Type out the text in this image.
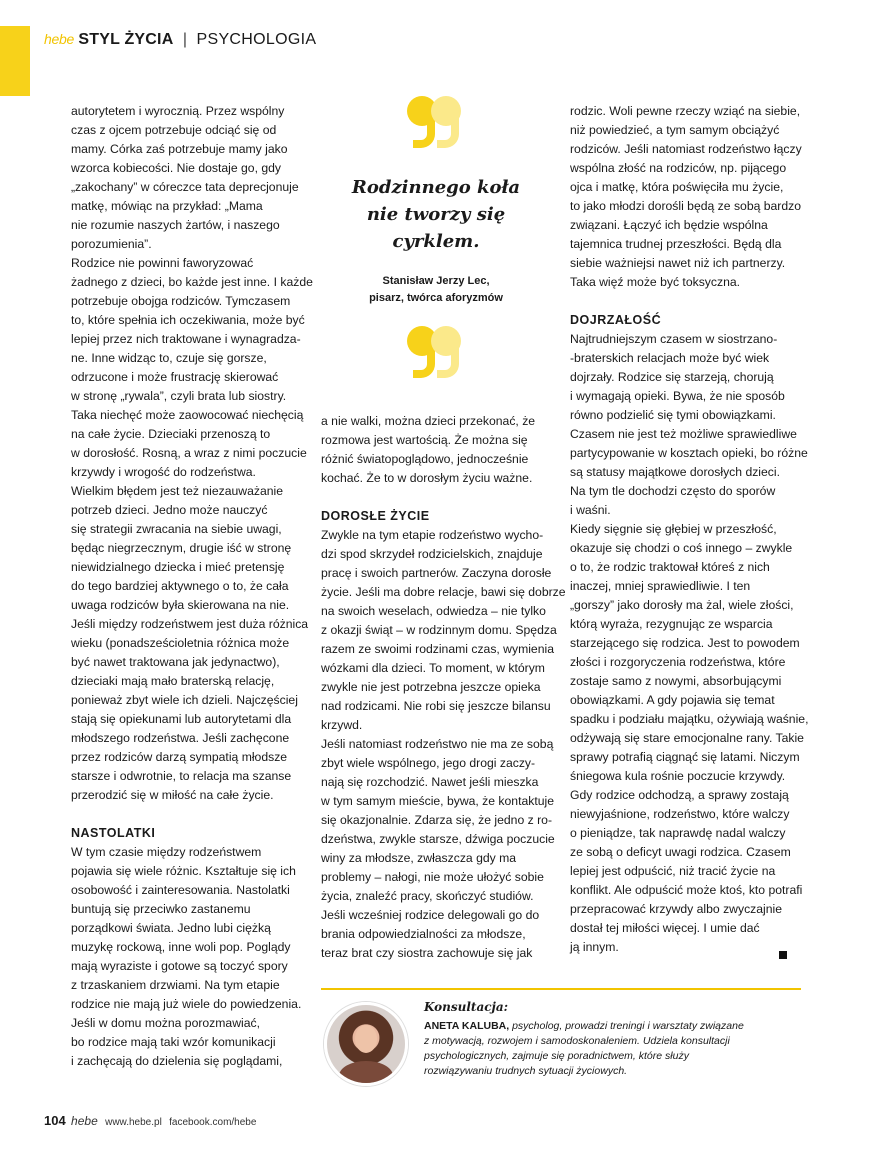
hebe STYL ŻYCIA | PSYCHOLOGIA
autorytetem i wyrocznią. Przez wspólny
czas z ojcem potrzebuje odciąć się od
mamy. Córka zaś potrzebuje mamy jako
wzorca kobiecości. Nie dostaje go, gdy
„zakochany” w córeczce tata deprecjonuje
matkę, mówiąc na przykład: „Mama
nie rozumie naszych żartów, i naszego
porozumienia”.
Rodzice nie powinni faworyzować
żadnego z dzieci, bo każde jest inne. I każde
potrzebuje obojga rodziców. Tymczasem
to, które spełnia ich oczekiwania, może być
lepiej przez nich traktowane i wynagradza-
ne. Inne widząc to, czuje się gorsze,
odrzucone i może frustrację skierować
w stronę „rywala”, czyli brata lub siostry.
Taka niechęć może zaowocować niechęcią
na całe życie. Dzieciaki przenoszą to
w dorosłość. Rosną, a wraz z nimi poczucie
krzywdy i wrogość do rodzeństwa.
Wielkim błędem jest też niezauważanie
potrzeb dzieci. Jedno może nauczyć
się strategii zwracania na siebie uwagi,
będąc niegrzecznym, drugie iść w stronę
niewidzialnego dziecka i mieć pretensję
do tego bardziej aktywnego o to, że cała
uwaga rodziców była skierowana na nie.
Jeśli między rodzeństwem jest duża różnica
wieku (ponadsześcioletnia różnica może
być nawet traktowana jak jedynactwo),
dzieciaki mają mało braterską relację,
ponieważ zbyt wiele ich dzieli. Najczęściej
stają się opiekunami lub autorytetami dla
młodszego rodzeństwa. Jeśli zachęcone
przez rodziców darzą sympatią młodsze
starsze i odwrotnie, to relacja ma szanse
przerodzić się w miłość na całe życie.
NASTOLATKI
W tym czasie między rodzeństwem
pojawia się wiele różnic. Kształtuje się ich
osobowość i zainteresowania. Nastolatki
buntują się przeciwko zastanemu
porządkowi świata. Jedno lubi ciężką
muzykę rockową, inne woli pop. Poglądy
mają wyraziste i gotowe są toczyć spory
z trzaskaniem drzwiami. Na tym etapie
rodzice nie mają już wiele do powiedzenia.
Jeśli w domu można porozmawiać,
bo rodzice mają taki wzór komunikacji
i zachęcają do dzielenia się poglądami,
Rodzinnego koła
nie tworzy się cyrklem.
Stanisław Jerzy Lec,
pisarz, twórca aforyzmów
a nie walki, można dzieci przekonać, że
rozmowa jest wartością. Że można się
różnić światopoglądowo, jednocześnie
kochać. Że to w dorosłym życiu ważne.
DOROSŁE ŻYCIE
Zwykle na tym etapie rodzeństwo wycho-
dzi spod skrzydeł rodzicielskich, znajduje
pracę i swoich partnerów. Zaczyna dorosłe
życie. Jeśli ma dobre relacje, bawi się dobrze
na swoich weselach, odwiedza – nie tylko
z okazji świąt – w rodzinnym domu. Spędza
razem ze swoimi rodzinami czas, wymienia
wózkami dla dzieci. To moment, w którym
zwykle nie jest potrzebna jeszcze opieka
nad rodzicami. Nie robi się jeszcze bilansu
krzywd.
Jeśli natomiast rodzeństwo nie ma ze sobą
zbyt wiele wspólnego, jego drogi zaczy-
nają się rozchodzić. Nawet jeśli mieszka
w tym samym mieście, bywa, że kontaktuje
się okazjonalnie. Zdarza się, że jedno z ro-
dzeństwa, zwykle starsze, dźwiga poczucie
winy za młodsze, zwłaszcza gdy ma
problemy – nałogi, nie może ułożyć sobie
życia, znaleźć pracy, skończyć studiów.
Jeśli wcześniej rodzice delegowali go do
brania odpowiedzialności za młodsze,
teraz brat czy siostra zachowuje się jak
rodzic. Woli pewne rzeczy wziąć na siebie,
niż powiedzieć, a tym samym obciążyć
rodziców. Jeśli natomiast rodzeństwo łączy
wspólna złość na rodziców, np. pijącego
ojca i matkę, która poświęciła mu życie,
to jako młodzi dorośli będą ze sobą bardzo
związani. Łączyć ich będzie wspólna
tajemnica trudnej przeszłości. Będą dla
siebie ważniejsi nawet niż ich partnerzy.
Taka więź może być toksyczna.
DOJRZAŁOŚĆ
Najtrudniejszym czasem w siostrzano-
-braterskich relacjach może być wiek
dojrzały. Rodzice się starzeją, chorują
i wymagają opieki. Bywa, że nie sposób
równo podzielić się tymi obowiązkami.
Czasem nie jest też możliwe sprawiedliwe
partycypowanie w kosztach opieki, bo różne
są statusy majątkowe dorosłych dzieci.
Na tym tle dochodzi często do sporów
i waśni.
Kiedy sięgnie się głębiej w przeszłość,
okazuje się chodzi o coś innego – zwykle
o to, że rodzic traktował któreś z nich
inaczej, mniej sprawiedliwie. I ten
„gorszy” jako dorosły ma żal, wiele złości,
którą wyraża, rezygnując ze wsparcia
starzejącego się rodzica. Jest to powodem
złości i rozgoryczenia rodzeństwa, które
zostaje samo z nowymi, absorbującymi
obowiązkami. A gdy pojawia się temat
spadku i podziału majątku, ożywiają waśnie,
odżywają się stare emocjonalne rany. Takie
sprawy potrafią ciągnąć się latami. Niczym
śniegowa kula rośnie poczucie krzywdy.
Gdy rodzice odchodzą, a sprawy zostają
niewyjaśnione, rodzeństwo, które walczy
o pieniądze, tak naprawdę nadal walczy
ze sobą o deficyt uwagi rodzica. Czasem
lepiej jest odpuścić, niż tracić życie na
konflikt. Ale odpuścić może ktoś, kto potrafi
przepracować krzywdy albo zwyczajnie
dostał tej miłości więcej. I umie dać
ją innym.
Konsultacja:
ANETA KALUBA, psycholog, prowadzi treningi i warsztaty związane
z motywacją, rozwojem i samodoskonaleniem. Udziela konsultacji
psychologicznych, zajmuje się poradnictwem, które służy
rozwiązywaniu trudnych sytuacji życiowych.
104 hebe www.hebe.pl facebook.com/hebe
